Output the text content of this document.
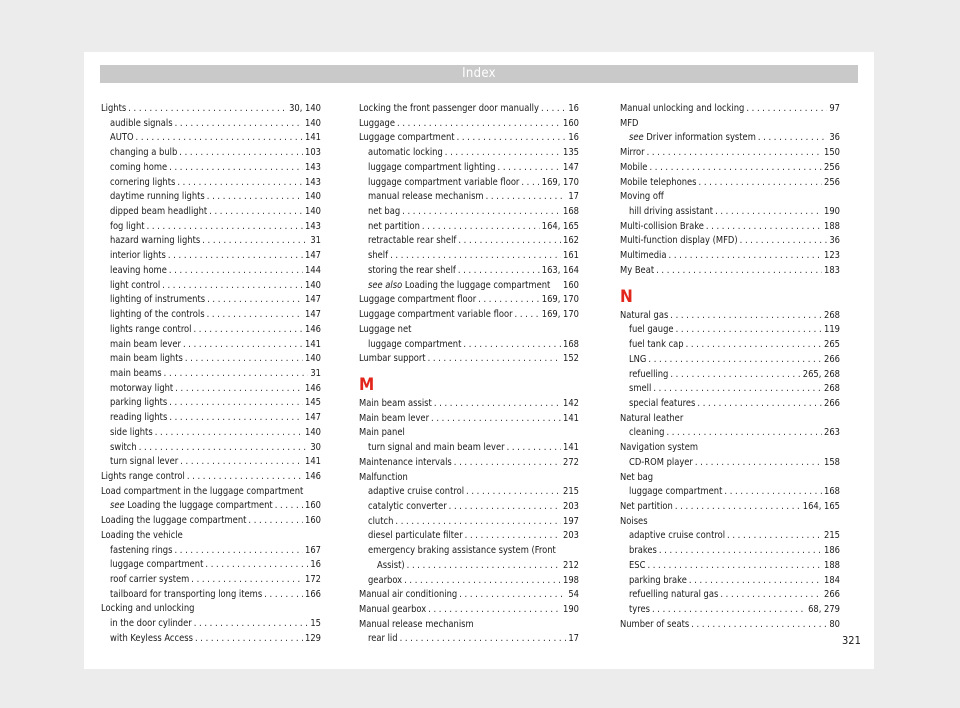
Index
Lights . . .	30, 140
audible signals . . .	140
AUTO . . .	141
changing a bulb . . .	103
coming home . . .	143
cornering lights . . .	143
daytime running lights . . .	140
dipped beam headlight . . .	140
fog light . . .	143
hazard warning lights . . .	31
interior lights . . .	147
leaving home . . .	144
light control . . .	140
lighting of instruments . . .	147
lighting of the controls . . .	147
lights range control . . .	146
main beam lever . . .	141
main beam lights . . .	140
main beams . . .	31
motorway light . . .	146
parking lights . . .	145
reading lights . . .	147
side lights . . .	140
switch . . .	30
turn signal lever . . .	141
Lights range control . . .	146
Load compartment in the luggage compartment
see Loading the luggage compartment . . .	160
Loading the luggage compartment . . .	160
Loading the vehicle
fastening rings . . .	167
luggage compartment . . .	16
roof carrier system . . .	172
tailboard for transporting long items . . .	166
Locking and unlocking
in the door cylinder . . .	15
with Keyless Access . . .	129
Locking the front passenger door manually . . .	16
Luggage . . .	160
Luggage compartment . . .	16
automatic locking . . .	135
luggage compartment lighting . . .	147
luggage compartment variable floor . . . 169, 170
manual release mechanism . . .	17
net bag . . .	168
net partition . . .	164, 165
retractable rear shelf . . .	162
shelf . . .	161
storing the rear shelf . . .	163, 164
see also Loading the luggage compartment 160
Luggage compartment floor . . .	169, 170
Luggage compartment variable floor . . .	169, 170
Luggage net
luggage compartment . . .	168
Lumbar support . . .	152
M
Main beam assist . . .	142
Main beam lever . . .	141
Main panel
turn signal and main beam lever . . .	141
Maintenance intervals . . .	272
Malfunction
adaptive cruise control . . .	215
catalytic converter . . .	203
clutch . . .	197
diesel particulate filter . . .	203
emergency braking assistance system (Front
Assist) . . .	212
gearbox . . .	198
Manual air conditioning . . .	54
Manual gearbox . . .	190
Manual release mechanism
rear lid . . .	17
Manual unlocking and locking . . .	97
MFD
see Driver information system . . .	36
Mirror . . .	150
Mobile . . .	256
Mobile telephones . . .	256
Moving off
hill driving assistant . . .	190
Multi-collision Brake . . .	188
Multi-function display (MFD) . . .	36
Multimedia . . .	123
My Beat . . .	183
N
Natural gas . . .	268
fuel gauge . . .	119
fuel tank cap . . .	265
LNG . . .	266
refuelling . . .	265, 268
smell . . .	268
special features . . .	266
Natural leather
cleaning . . .	263
Navigation system
CD-ROM player . . .	158
Net bag
luggage compartment . . .	168
Net partition . . .	164, 165
Noises
adaptive cruise control . . .	215
brakes . . .	186
ESC . . .	188
parking brake . . .	184
refuelling natural gas . . .	266
tyres . . .	68, 279
Number of seats . . .	80
321
